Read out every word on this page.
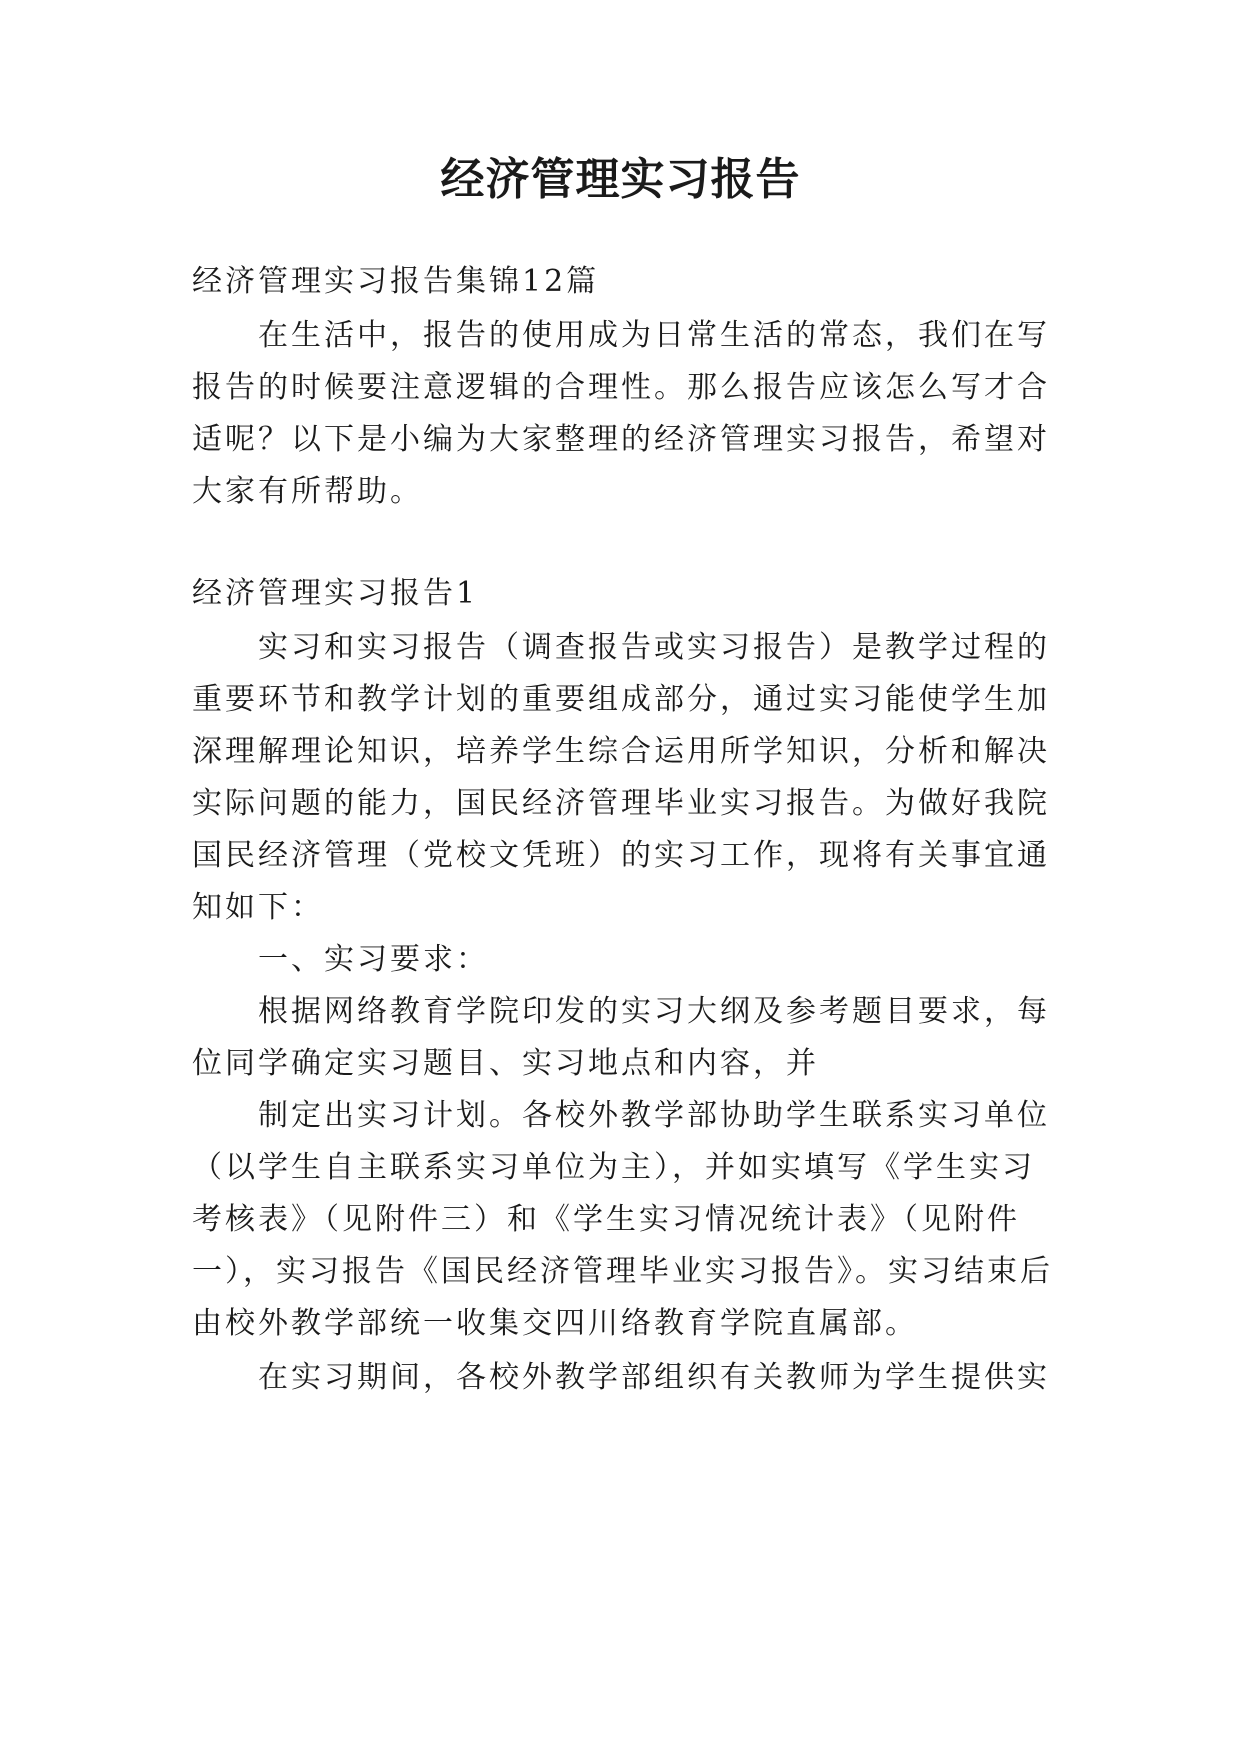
经济管理实习报告

经济管理实习报告集锦12篇

在生活中，报告的使用成为日常生活的常态，我们在写

报告的时候要注意逻辑的合理性。那么报告应该怎么写才合

适呢？以下是小编为大家整理的经济管理实习报告，希望对

大家有所帮助。

经济管理实习报告1

实习和实习报告（调查报告或实习报告）是教学过程的

重要环节和教学计划的重要组成部分，通过实习能使学生加

深理解理论知识，培养学生综合运用所学知识，分析和解决

实际问题的能力，国民经济管理毕业实习报告。为做好我院

国民经济管理（党校文凭班）的实习工作，现将有关事宜通

知如下：

一、实习要求：

根据网络教育学院印发的实习大纲及参考题目要求，每

位同学确定实习题目、实习地点和内容，并

制定出实习计划。各校外教学部协助学生联系实习单位

（以学生自主联系实习单位为主），并如实填写《学生实习

考核表》（见附件三）和《学生实习情况统计表》（见附件

一），实习报告《国民经济管理毕业实习报告》。实习结束后

由校外教学部统一收集交四川络教育学院直属部。

在实习期间，各校外教学部组织有关教师为学生提供实
